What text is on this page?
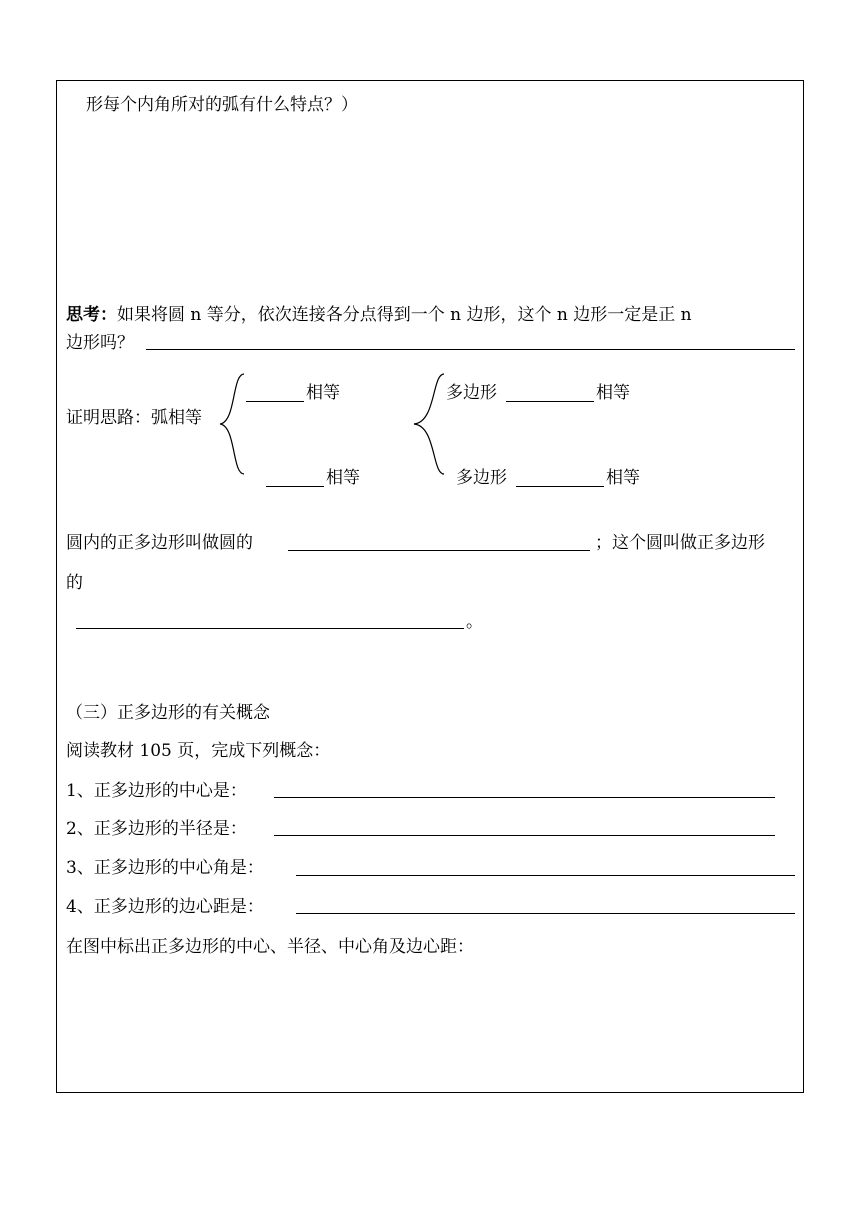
形每个内角所对的弧有什么特点？）
思考：如果将圆 n 等分，依次连接各分点得到一个 n 边形，这个 n 边形一定是正 n
边形吗？
证明思路：弧相等
相等
相等
多边形	相等
多边形	相等
圆内的正多边形叫做圆的	；这个圆叫做正多边形
的
。
（三）正多边形的有关概念
阅读教材 105 页，完成下列概念：
1、正多边形的中心是：
2、正多边形的半径是：
3、正多边形的中心角是：
4、正多边形的边心距是：
在图中标出正多边形的中心、半径、中心角及边心距：
